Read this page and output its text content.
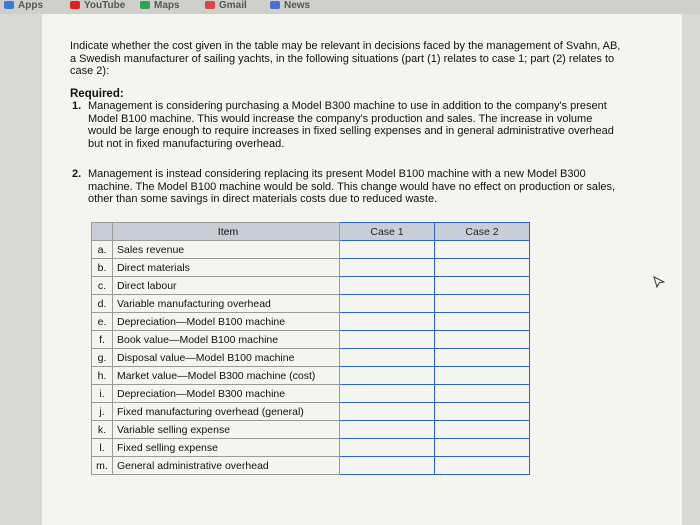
Apps	YouTube	Maps	Gmail	News
Indicate whether the cost given in the table may be relevant in decisions faced by the management of Svahn, AB, a Swedish manufacturer of sailing yachts, in the following situations (part (1) relates to case 1; part (2) relates to case 2):
Required:
1. Management is considering purchasing a Model B300 machine to use in addition to the company's present Model B100 machine. This would increase the company's production and sales. The increase in volume would be large enough to require increases in fixed selling expenses and in general administrative overhead but not in fixed manufacturing overhead.
2. Management is instead considering replacing its present Model B100 machine with a new Model B300 machine. The Model B100 machine would be sold. This change would have no effect on production or sales, other than some savings in direct materials costs due to reduced waste.
	Item	Case 1	Case 2
a.	Sales revenue		
b.	Direct materials		
c.	Direct labour		
d.	Variable manufacturing overhead		
e.	Depreciation—Model B100 machine		
f.	Book value—Model B100 machine		
g.	Disposal value—Model B100 machine		
h.	Market value—Model B300 machine (cost)		
i.	Depreciation—Model B300 machine		
j.	Fixed manufacturing overhead (general)		
k.	Variable selling expense		
l.	Fixed selling expense		
m.	General administrative overhead		
